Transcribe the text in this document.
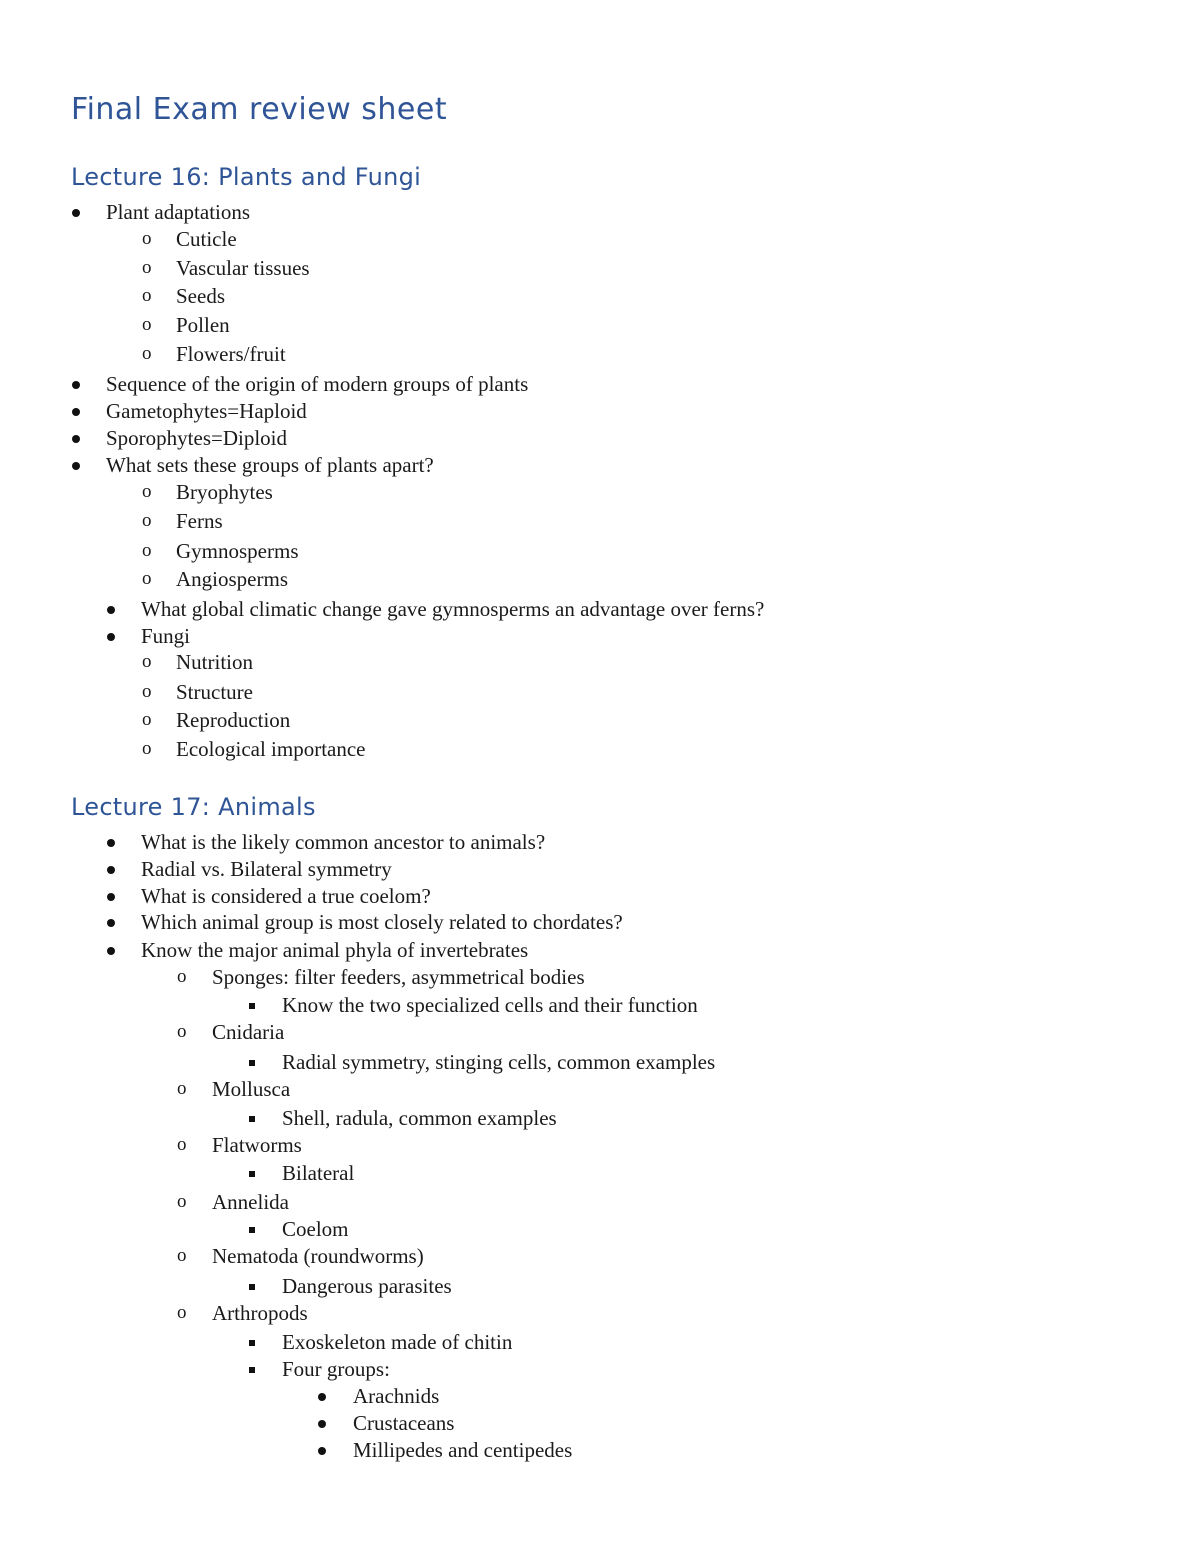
Final Exam review sheet
Lecture 16: Plants and Fungi
Plant adaptations
o Cuticle
o Vascular tissues
o Seeds
o Pollen
o Flowers/fruit
Sequence of the origin of modern groups of plants
Gametophytes=Haploid
Sporophytes=Diploid
What sets these groups of plants apart?
o Bryophytes
o Ferns
o Gymnosperms
o Angiosperms
What global climatic change gave gymnosperms an advantage over ferns?
Fungi
o Nutrition
o Structure
o Reproduction
o Ecological importance
Lecture 17: Animals
What is the likely common ancestor to animals?
Radial vs. Bilateral symmetry
What is considered a true coelom?
Which animal group is most closely related to chordates?
Know the major animal phyla of invertebrates
o Sponges: filter feeders, asymmetrical bodies
Know the two specialized cells and their function
o Cnidaria
Radial symmetry, stinging cells, common examples
o Mollusca
Shell, radula, common examples
o Flatworms
Bilateral
o Annelida
Coelom
o Nematoda (roundworms)
Dangerous parasites
o Arthropods
Exoskeleton made of chitin
Four groups:
Arachnids
Crustaceans
Millipedes and centipedes
